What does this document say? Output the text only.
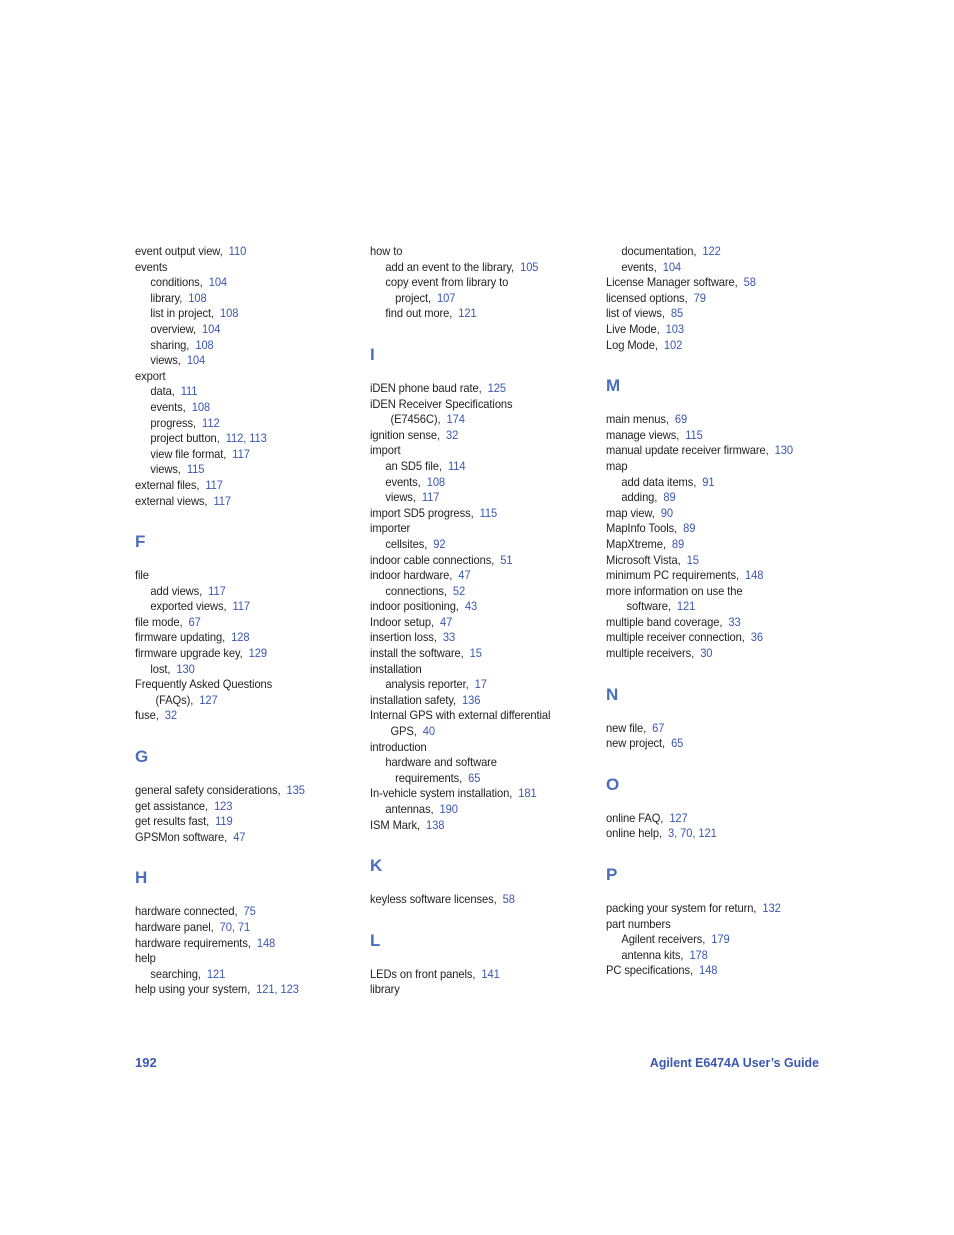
event output view, 110
events
conditions, 104
library, 108
list in project, 108
overview, 104
sharing, 108
views, 104
export
data, 111
events, 108
progress, 112
project button, 112, 113
view file format, 117
views, 115
external files, 117
external views, 117
F
file
add views, 117
exported views, 117
file mode, 67
firmware updating, 128
firmware upgrade key, 129
lost, 130
Frequently Asked Questions
(FAQs), 127
fuse, 32
G
general safety considerations, 135
get assistance, 123
get results fast, 119
GPSMon software, 47
H
hardware connected, 75
hardware panel, 70, 71
hardware requirements, 148
help
searching, 121
help using your system, 121, 123
how to
add an event to the library, 105
copy event from library to
project, 107
find out more, 121
I
iDEN phone baud rate, 125
iDEN Receiver Specifications
(E7456C), 174
ignition sense, 32
import
an SD5 file, 114
events, 108
views, 117
import SD5 progress, 115
importer
cellsites, 92
indoor cable connections, 51
indoor hardware, 47
connections, 52
indoor positioning, 43
Indoor setup, 47
insertion loss, 33
install the software, 15
installation
analysis reporter, 17
installation safety, 136
Internal GPS with external differential
GPS, 40
introduction
hardware and software
requirements, 65
In-vehicle system installation, 181
antennas, 190
ISM Mark, 138
K
keyless software licenses, 58
L
LEDs on front panels, 141
library
documentation, 122
events, 104
License Manager software, 58
licensed options, 79
list of views, 85
Live Mode, 103
Log Mode, 102
M
main menus, 69
manage views, 115
manual update receiver firmware, 130
map
add data items, 91
adding, 89
map view, 90
MapInfo Tools, 89
MapXtreme, 89
Microsoft Vista, 15
minimum PC requirements, 148
more information on use the
software, 121
multiple band coverage, 33
multiple receiver connection, 36
multiple receivers, 30
N
new file, 67
new project, 65
O
online FAQ, 127
online help, 3, 70, 121
P
packing your system for return, 132
part numbers
Agilent receivers, 179
antenna kits, 178
PC specifications, 148
192	Agilent E6474A User’s Guide
